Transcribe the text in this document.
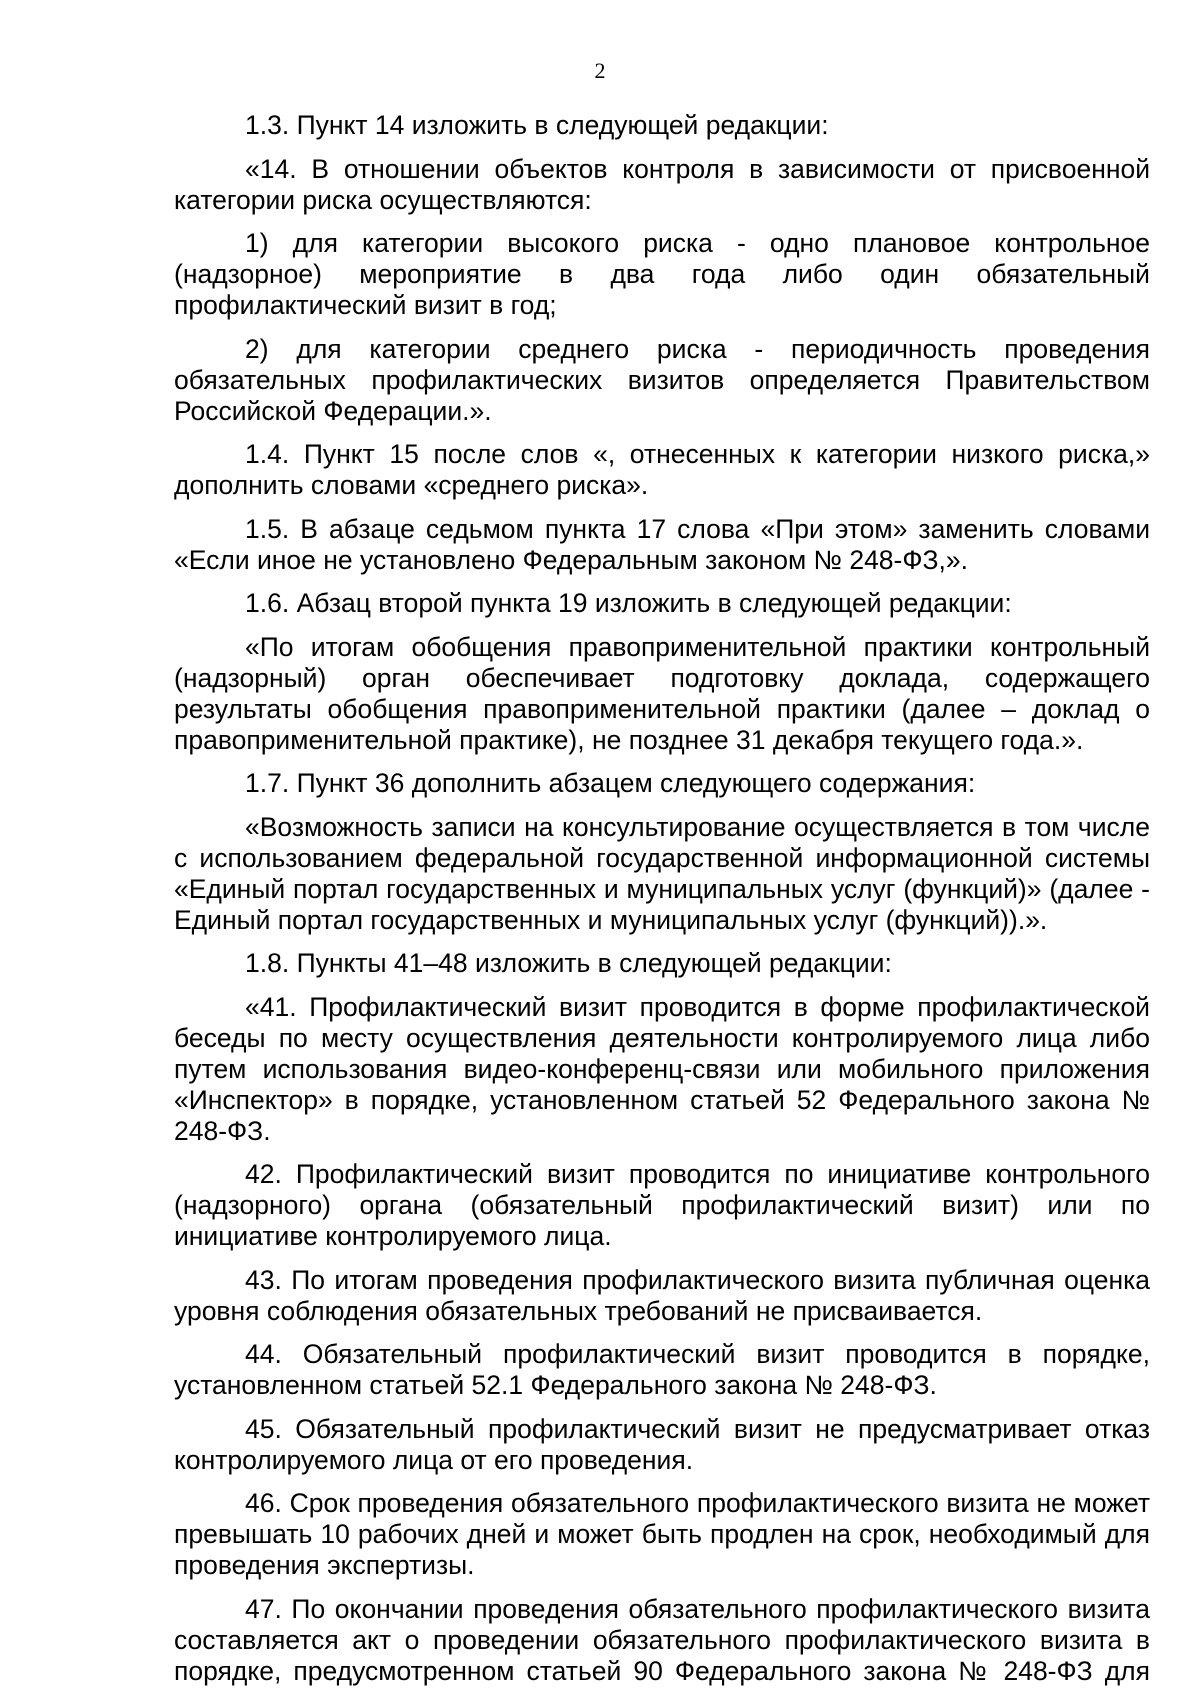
2

1.3. Пункт 14 изложить в следующей редакции:

«14. В отношении объектов контроля в зависимости от присвоенной категории риска осуществляются:

1) для категории высокого риска - одно плановое контрольное (надзорное) мероприятие в два года либо один обязательный профилактический визит в год;

2) для категории среднего риска - периодичность проведения обязательных профилактических визитов определяется Правительством Российской Федерации.».

1.4. Пункт 15 после слов «, отнесенных к категории низкого риска,» дополнить словами «среднего риска».

1.5. В абзаце седьмом пункта 17 слова «При этом» заменить словами «Если иное не установлено Федеральным законом № 248-ФЗ,».

1.6. Абзац второй пункта 19 изложить в следующей редакции:

«По итогам обобщения правоприменительной практики контрольный (надзорный) орган обеспечивает подготовку доклада, содержащего результаты обобщения правоприменительной практики (далее – доклад о правоприменительной практике), не позднее 31 декабря текущего года.».

1.7. Пункт 36 дополнить абзацем следующего содержания:

«Возможность записи на консультирование осуществляется в том числе с использованием федеральной государственной информационной системы «Единый портал государственных и муниципальных услуг (функций)» (далее - Единый портал государственных и муниципальных услуг (функций)).».

1.8. Пункты 41–48 изложить в следующей редакции:

«41. Профилактический визит проводится в форме профилактической беседы по месту осуществления деятельности контролируемого лица либо путем использования видео-конференц-связи или мобильного приложения «Инспектор» в порядке, установленном статьей 52 Федерального закона № 248-ФЗ.

42. Профилактический визит проводится по инициативе контрольного (надзорного) органа (обязательный профилактический визит) или по инициативе контролируемого лица.

43. По итогам проведения профилактического визита публичная оценка уровня соблюдения обязательных требований не присваивается.

44. Обязательный профилактический визит проводится в порядке, установленном статьей 52.1 Федерального закона № 248-ФЗ.

45. Обязательный профилактический визит не предусматривает отказ контролируемого лица от его проведения.

46. Срок проведения обязательного профилактического визита не может превышать 10 рабочих дней и может быть продлен на срок, необходимый для проведения экспертизы.

47. По окончании проведения обязательного профилактического визита составляется акт о проведении обязательного профилактического визита в порядке, предусмотренном статьей 90 Федерального закона № 248-ФЗ для
